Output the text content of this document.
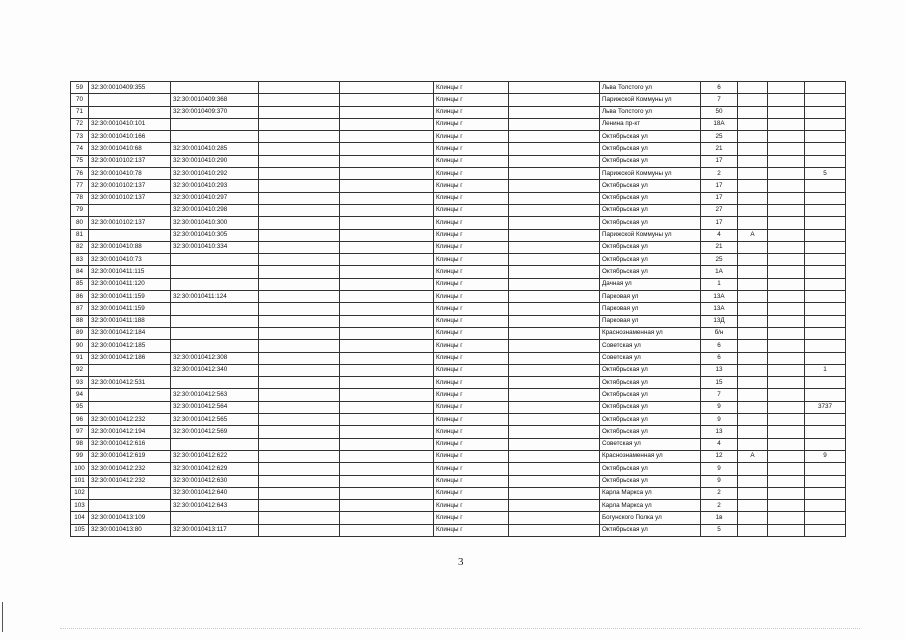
59	32:30:0010409:355				Клинцы г		Льва Толстого ул	6			
70		32:30:0010409:368			Клинцы г		Парижской Коммуны ул	7			
71		32:30:0010409:370			Клинцы г		Льва Толстого ул	50			
72	32:30:0010410:101				Клинцы г		Ленина пр-кт	18А			
73	32:30:0010410:166				Клинцы г		Октябрьская ул	25			
74	32:30:0010410:68	32:30:0010410:285			Клинцы г		Октябрьская ул	21			
75	32:30:0010102:137	32:30:0010410:290			Клинцы г		Октябрьская ул	17			
76	32:30:0010410:78	32:30:0010410:292			Клинцы г		Парижской Коммуны ул	2			5
77	32:30:0010102:137	32:30:0010410:293			Клинцы г		Октябрьская ул	17			
78	32:30:0010102:137	32:30:0010410:297			Клинцы г		Октябрьская ул	17			
79		32:30:0010410:298			Клинцы г		Октябрьская ул	27			
80	32:30:0010102:137	32:30:0010410:300			Клинцы г		Октябрьская ул	17			
81		32:30:0010410:305			Клинцы г		Парижской Коммуны ул	4	А		
82	32:30:0010410:88	32:30:0010410:334			Клинцы г		Октябрьская ул	21			
83	32:30:0010410:73				Клинцы г		Октябрьская ул	25			
84	32:30:0010411:115				Клинцы г		Октябрьская ул	1А			
85	32:30:0010411:120				Клинцы г		Дачная ул	1			
86	32:30:0010411:159	32:30:0010411:124			Клинцы г		Парковая ул	13А			
87	32:30:0010411:159				Клинцы г		Парковая ул	13А			
88	32:30:0010411:188				Клинцы г		Парковая ул	13Д			
89	32:30:0010412:184				Клинцы г		Краснознаменная ул	б/н			
90	32:30:0010412:185				Клинцы г		Советская ул	6			
91	32:30:0010412:186	32:30:0010412:308			Клинцы г		Советская ул	6			
92		32:30:0010412:340			Клинцы г		Октябрьская ул	13			1
93	32:30:0010412:531				Клинцы г		Октябрьская ул	15			
94		32:30:0010412:563			Клинцы г		Октябрьская ул	7			
95		32:30:0010412:564			Клинцы г		Октябрьская ул	9			3737
96	32:30:0010412:232	32:30:0010412:565			Клинцы г		Октябрьская ул	9			
97	32:30:0010412:194	32:30:0010412:569			Клинцы г		Октябрьская ул	13			
98	32:30:0010412:616				Клинцы г		Советская ул	4			
99	32:30:0010412:619	32:30:0010412:622			Клинцы г		Краснознаменная ул	12	А		9
100	32:30:0010412:232	32:30:0010412:629			Клинцы г		Октябрьская ул	9			
101	32:30:0010412:232	32:30:0010412:630			Клинцы г		Октябрьская ул	9			
102		32:30:0010412:640			Клинцы г		Карла Маркса ул	2			
103		32:30:0010412:643			Клинцы г		Карла Маркса ул	2			
104	32:30:0010413:109				Клинцы г		Богунского Полка ул	1в			
105	32:30:0010413:80	32:30:0010413:117			Клинцы г		Октябрьская ул	5			
3
